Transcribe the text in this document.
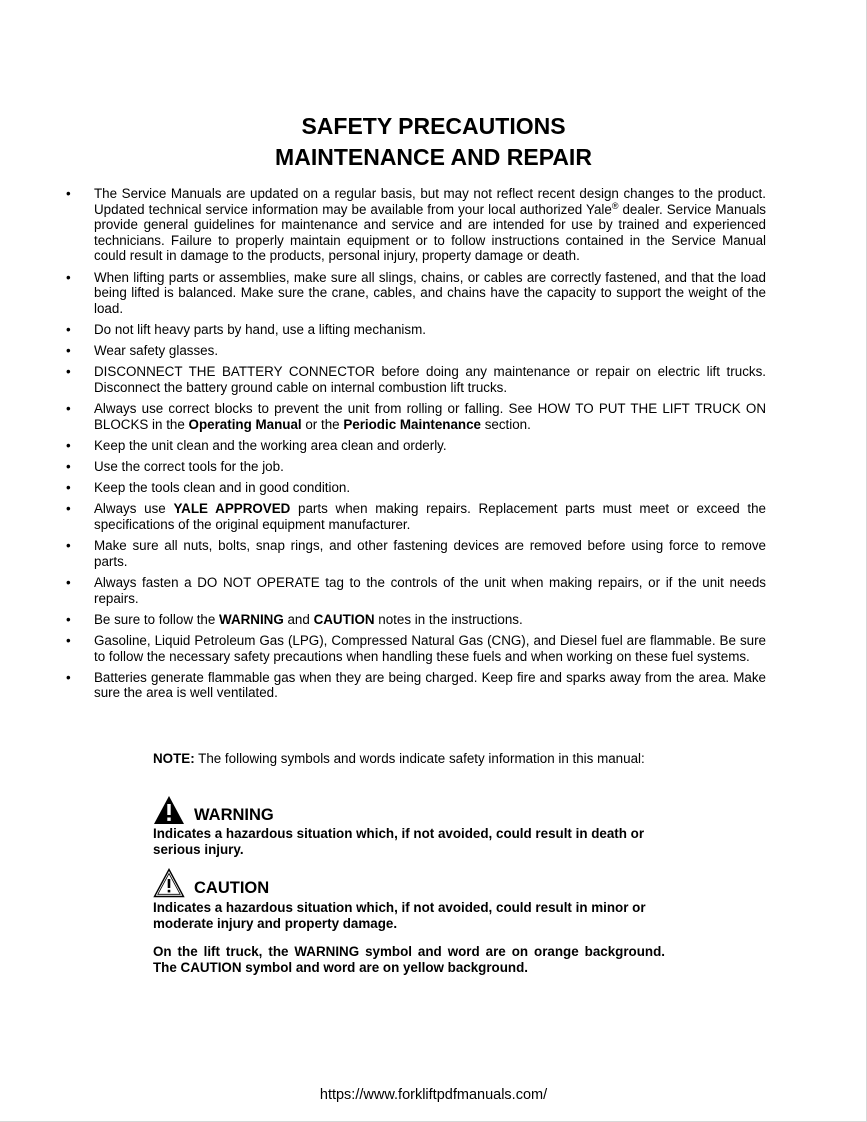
SAFETY PRECAUTIONS
MAINTENANCE AND REPAIR
•	The Service Manuals are updated on a regular basis, but may not reflect recent design changes to the product. Updated technical service information may be available from your local authorized Yale® dealer. Service Manuals provide general guidelines for maintenance and service and are intended for use by trained and experienced technicians. Failure to properly maintain equipment or to follow instructions contained in the Service Manual could result in damage to the products, personal injury, property damage or death.
•	When lifting parts or assemblies, make sure all slings, chains, or cables are correctly fastened, and that the load being lifted is balanced. Make sure the crane, cables, and chains have the capacity to support the weight of the load.
•	Do not lift heavy parts by hand, use a lifting mechanism.
•	Wear safety glasses.
•	DISCONNECT THE BATTERY CONNECTOR before doing any maintenance or repair on electric lift trucks. Disconnect the battery ground cable on internal combustion lift trucks.
•	Always use correct blocks to prevent the unit from rolling or falling. See HOW TO PUT THE LIFT TRUCK ON BLOCKS in the Operating Manual or the Periodic Maintenance section.
•	Keep the unit clean and the working area clean and orderly.
•	Use the correct tools for the job.
•	Keep the tools clean and in good condition.
•	Always use YALE APPROVED parts when making repairs. Replacement parts must meet or exceed the specifications of the original equipment manufacturer.
•	Make sure all nuts, bolts, snap rings, and other fastening devices are removed before using force to remove parts.
•	Always fasten a DO NOT OPERATE tag to the controls of the unit when making repairs, or if the unit needs repairs.
•	Be sure to follow the WARNING and CAUTION notes in the instructions.
•	Gasoline, Liquid Petroleum Gas (LPG), Compressed Natural Gas (CNG), and Diesel fuel are flammable. Be sure to follow the necessary safety precautions when handling these fuels and when working on these fuel systems.
•	Batteries generate flammable gas when they are being charged. Keep fire and sparks away from the area. Make sure the area is well ventilated.
NOTE: The following symbols and words indicate safety information in this manual:
WARNING
Indicates a hazardous situation which, if not avoided, could result in death or serious injury.
CAUTION
Indicates a hazardous situation which, if not avoided, could result in minor or moderate injury and property damage.
On the lift truck, the WARNING symbol and word are on orange background. The CAUTION symbol and word are on yellow background.
https://www.forkliftpdfmanuals.com/
